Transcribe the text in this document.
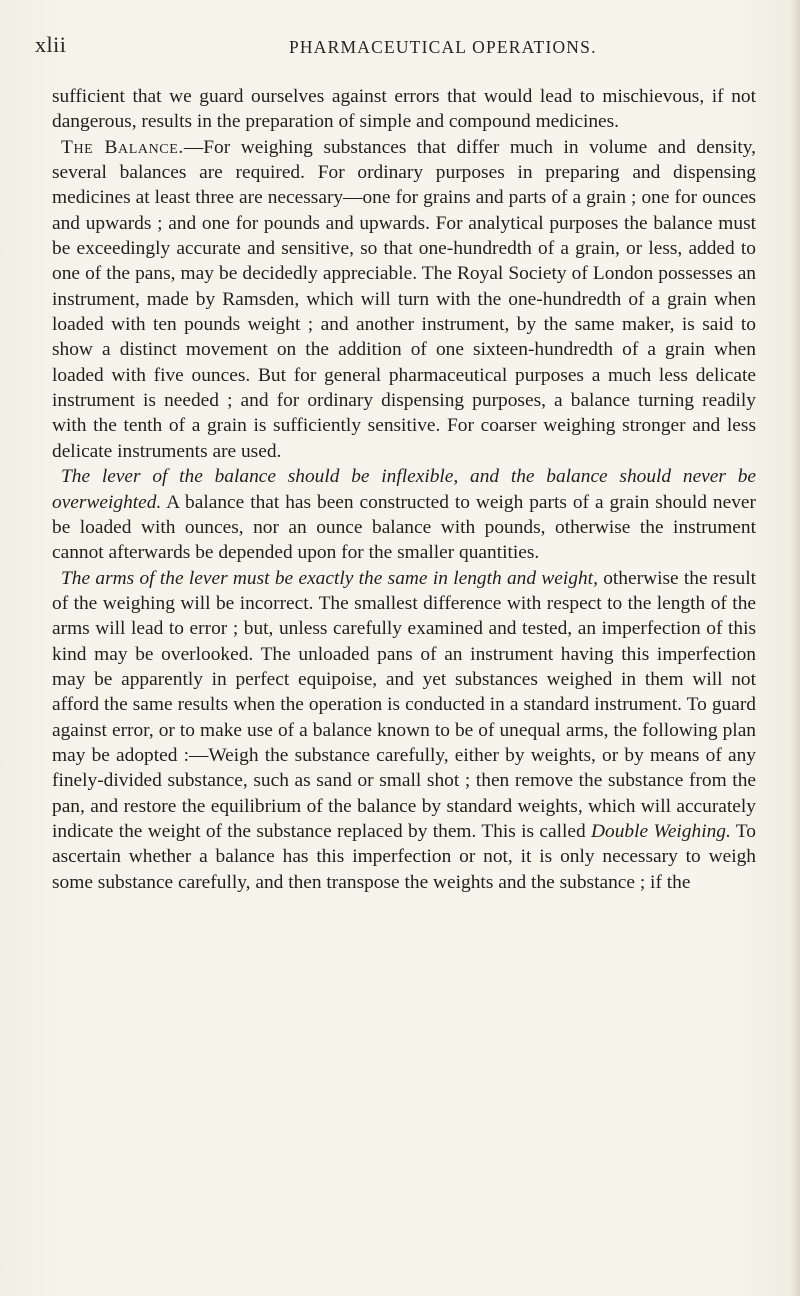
xlii	PHARMACEUTICAL OPERATIONS.

sufficient that we guard ourselves against errors that would lead to mischievous, if not dangerous, results in the preparation of simple and compound medicines.

The Balance.—For weighing substances that differ much in volume and density, several balances are required. For ordinary purposes in preparing and dispensing medicines at least three are necessary—one for grains and parts of a grain ; one for ounces and upwards ; and one for pounds and upwards. For analytical purposes the balance must be exceedingly accurate and sensitive, so that one-hundredth of a grain, or less, added to one of the pans, may be decidedly appreciable. The Royal Society of London possesses an instrument, made by Ramsden, which will turn with the one-hundredth of a grain when loaded with ten pounds weight ; and another instrument, by the same maker, is said to show a distinct movement on the addition of one sixteen-hundredth of a grain when loaded with five ounces. But for general pharmaceutical purposes a much less delicate instrument is needed ; and for ordinary dispensing purposes, a balance turning readily with the tenth of a grain is sufficiently sensitive. For coarser weighing stronger and less delicate instruments are used.

The lever of the balance should be inflexible, and the balance should never be overweighted. A balance that has been constructed to weigh parts of a grain should never be loaded with ounces, nor an ounce balance with pounds, otherwise the instrument cannot afterwards be depended upon for the smaller quantities.

The arms of the lever must be exactly the same in length and weight, otherwise the result of the weighing will be incorrect. The smallest difference with respect to the length of the arms will lead to error ; but, unless carefully examined and tested, an imperfection of this kind may be overlooked. The unloaded pans of an instrument having this imperfection may be apparently in perfect equipoise, and yet substances weighed in them will not afford the same results when the operation is conducted in a standard instrument. To guard against error, or to make use of a balance known to be of unequal arms, the following plan may be adopted :—Weigh the substance carefully, either by weights, or by means of any finely-divided substance, such as sand or small shot ; then remove the substance from the pan, and restore the equilibrium of the balance by standard weights, which will accurately indicate the weight of the substance replaced by them. This is called Double Weighing. To ascertain whether a balance has this imperfection or not, it is only necessary to weigh some substance carefully, and then transpose the weights and the substance ; if the
